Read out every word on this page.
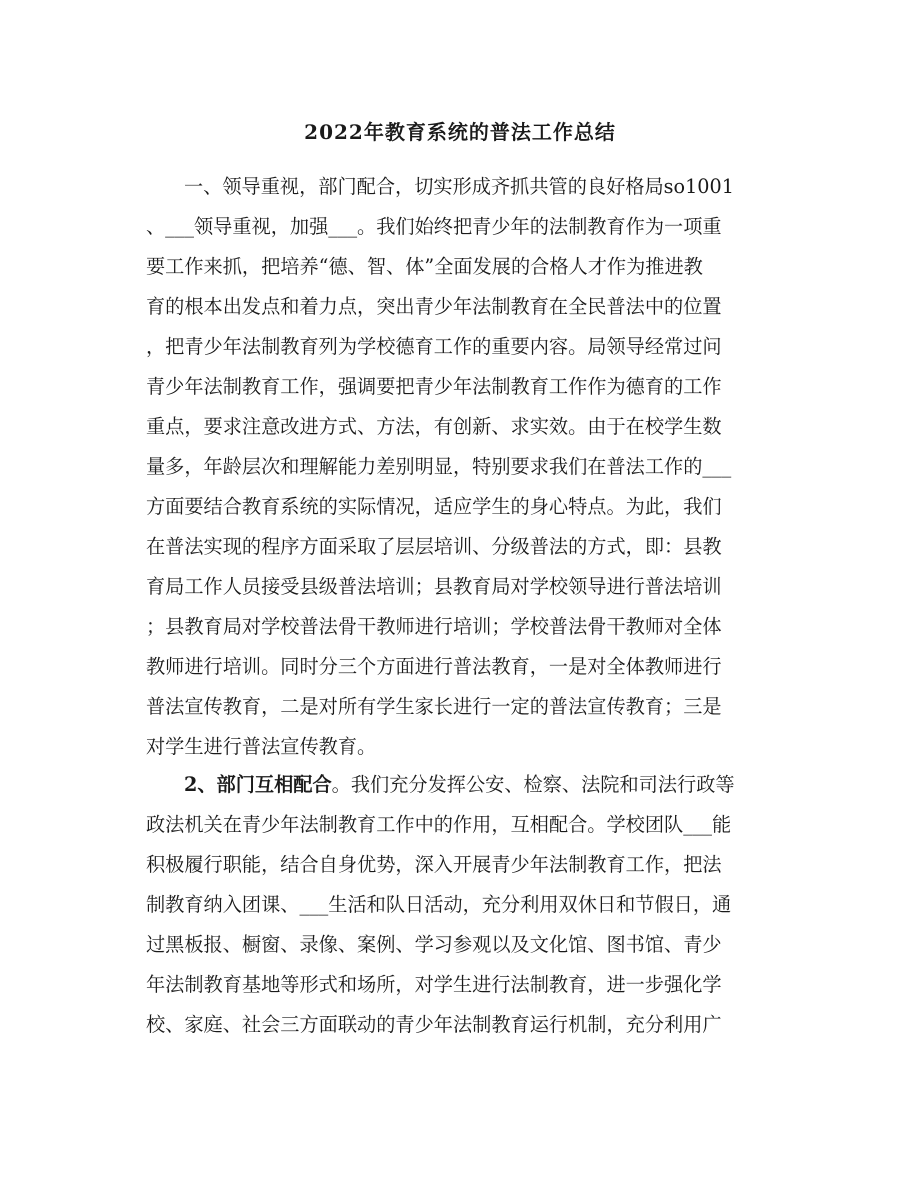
2022年教育系统的普法工作总结
一、领导重视，部门配合，切实形成齐抓共管的良好格局so1001
、___领导重视，加强___。我们始终把青少年的法制教育作为一项重
要工作来抓，把培养“德、智、体”全面发展的合格人才作为推进教
育的根本出发点和着力点，突出青少年法制教育在全民普法中的位置
，把青少年法制教育列为学校德育工作的重要内容。局领导经常过问
青少年法制教育工作，强调要把青少年法制教育工作作为德育的工作
重点，要求注意改进方式、方法，有创新、求实效。由于在校学生数
量多，年龄层次和理解能力差别明显，特别要求我们在普法工作的___
方面要结合教育系统的实际情况，适应学生的身心特点。为此，我们
在普法实现的程序方面采取了层层培训、分级普法的方式，即：县教
育局工作人员接受县级普法培训；县教育局对学校领导进行普法培训
；县教育局对学校普法骨干教师进行培训；学校普法骨干教师对全体
教师进行培训。同时分三个方面进行普法教育，一是对全体教师进行
普法宣传教育，二是对所有学生家长进行一定的普法宣传教育；三是
对学生进行普法宣传教育。
2、部门互相配合。我们充分发挥公安、检察、法院和司法行政等
政法机关在青少年法制教育工作中的作用，互相配合。学校团队___能
积极履行职能，结合自身优势，深入开展青少年法制教育工作，把法
制教育纳入团课、___生活和队日活动，充分利用双休日和节假日，通
过黑板报、橱窗、录像、案例、学习参观以及文化馆、图书馆、青少
年法制教育基地等形式和场所，对学生进行法制教育，进一步强化学
校、家庭、社会三方面联动的青少年法制教育运行机制，充分利用广
